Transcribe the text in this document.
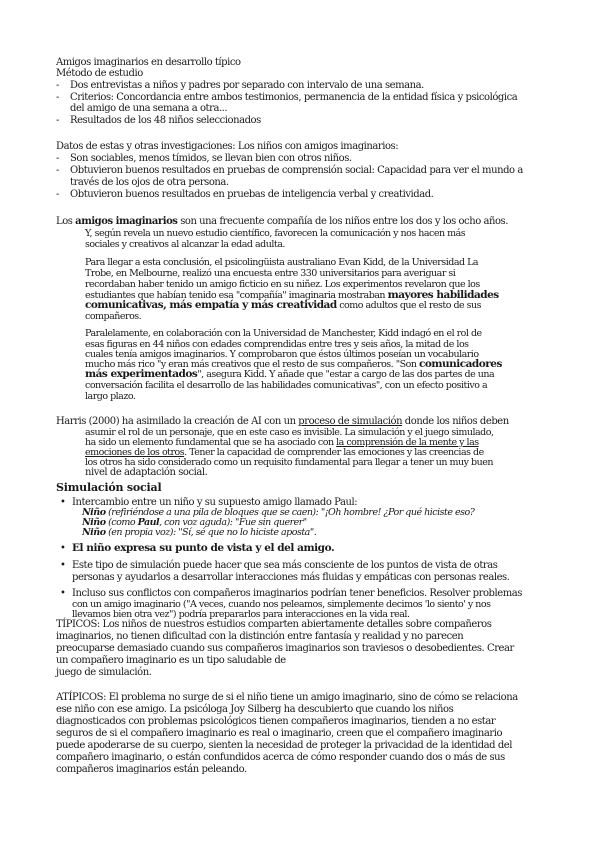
Amigos imaginarios en desarrollo típico
Método de estudio
- Dos entrevistas a niños y padres por separado con intervalo de una semana.
- Criterios: Concordancia entre ambos testimonios, permanencia de la entidad física y psicológica
del amigo de una semana a otra...
- Resultados de los 48 niños seleccionados
Datos de estas y otras investigaciones: Los niños con amigos imaginarios:
- Son sociables, menos tímidos, se llevan bien con otros niños.
- Obtuvieron buenos resultados en pruebas de comprensión social: Capacidad para ver el mundo a
través de los ojos de otra persona.
- Obtuvieron buenos resultados en pruebas de inteligencia verbal y creatividad.
Los amigos imaginarios son una frecuente compañía de los niños entre los dos y los ocho años.
Y, según revela un nuevo estudio científico, favorecen la comunicación y nos hacen más
sociales y creativos al alcanzar la edad adulta.
Para llegar a esta conclusión, el psicolingüista australiano Evan Kidd, de la Universidad La
Trobe, en Melbourne, realizó una encuesta entre 330 universitarios para averiguar si
recordaban haber tenido un amigo ficticio en su niñez. Los experimentos revelaron que los
estudiantes que habían tenido esa "compañía" imaginaria mostraban mayores habilidades
comunicativas, más empatía y más creatividad como adultos que el resto de sus
compañeros.
Paralelamente, en colaboración con la Universidad de Manchester, Kidd indagó en el rol de
esas figuras en 44 niños con edades comprendidas entre tres y seis años, la mitad de los
cuales tenía amigos imaginarios. Y comprobaron que éstos últimos poseían un vocabulario
mucho más rico "y eran más creativos que el resto de sus compañeros. "Son comunicadores
más experimentados", asegura Kidd. Y añade que "estar a cargo de las dos partes de una
conversación facilita el desarrollo de las habilidades comunicativas", con un efecto positivo a
largo plazo.
Harris (2000) ha asimilado la creación de AI con un proceso de simulación donde los niños deben
asumir el rol de un personaje, que en este caso es invisible. La simulación y el juego simulado,
ha sido un elemento fundamental que se ha asociado con la comprensión de la mente y las
emociones de los otros. Tener la capacidad de comprender las emociones y las creencias de
los otros ha sido considerado como un requisito fundamental para llegar a tener un muy buen
nivel de adaptación social.
Simulación social
• Intercambio entre un niño y su supuesto amigo llamado Paul:
Niño (refiriéndose a una pila de bloques que se caen): "¡Oh hombre! ¿Por qué hiciste eso?
Niño (como Paul, con voz aguda): "Fue sin querer"
Niño (en propia voz): "Sí, sé que no lo hiciste aposta".
• El niño expresa su punto de vista y el del amigo.
• Este tipo de simulación puede hacer que sea más consciente de los puntos de vista de otras
personas y ayudarlos a desarrollar interacciones más fluidas y empáticas con personas reales.
• Incluso sus conflictos con compañeros imaginarios podrían tener beneficios. Resolver problemas
con un amigo imaginario ("A veces, cuando nos peleamos, simplemente decimos 'lo siento' y nos
llevamos bien otra vez") podría prepararlos para interacciones en la vida real.
TÍPICOS: Los niños de nuestros estudios comparten abiertamente detalles sobre compañeros
imaginarios, no tienen dificultad con la distinción entre fantasía y realidad y no parecen
preocuparse demasiado cuando sus compañeros imaginarios son traviesos o desobedientes. Crear
un compañero imaginario es un tipo saludable de
juego de simulación.
ATÍPICOS: El problema no surge de si el niño tiene un amigo imaginario, sino de cómo se relaciona
ese niño con ese amigo. La psicóloga Joy Silberg ha descubierto que cuando los niños
diagnosticados con problemas psicológicos tienen compañeros imaginarios, tienden a no estar
seguros de si el compañero imaginario es real o imaginario, creen que el compañero imaginario
puede apoderarse de su cuerpo, sienten la necesidad de proteger la privacidad de la identidad del
compañero imaginario, o están confundidos acerca de cómo responder cuando dos o más de sus
compañeros imaginarios están peleando.
